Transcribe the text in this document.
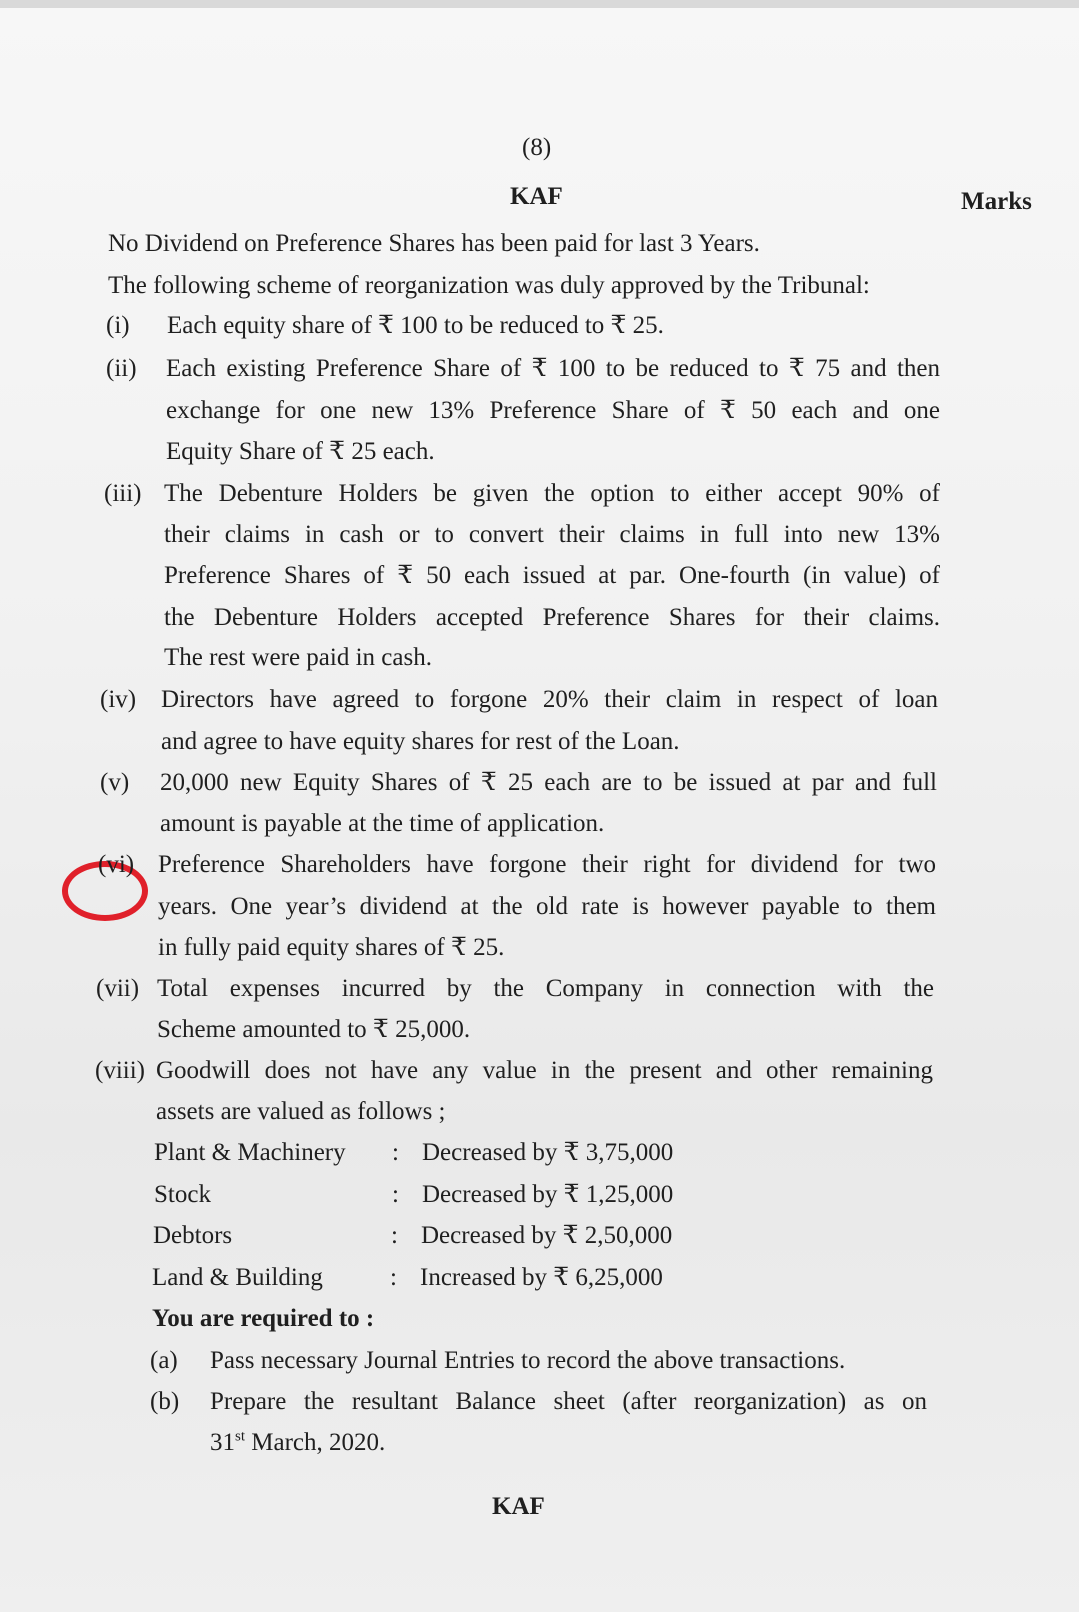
(8)
KAF	Marks
No Dividend on Preference Shares has been paid for last 3 Years.
The following scheme of reorganization was duly approved by the Tribunal:
(i) Each equity share of ₹ 100 to be reduced to ₹ 25.
(ii) Each existing Preference Share of ₹ 100 to be reduced to ₹ 75 and then
exchange for one new 13% Preference Share of ₹ 50 each and one
Equity Share of ₹ 25 each.
(iii) The Debenture Holders be given the option to either accept 90% of
their claims in cash or to convert their claims in full into new 13%
Preference Shares of ₹ 50 each issued at par. One-fourth (in value) of
the Debenture Holders accepted Preference Shares for their claims.
The rest were paid in cash.
(iv) Directors have agreed to forgone 20% their claim in respect of loan
and agree to have equity shares for rest of the Loan.
(v) 20,000 new Equity Shares of ₹ 25 each are to be issued at par and full
amount is payable at the time of application.
(vi) Preference Shareholders have forgone their right for dividend for two
years. One year’s dividend at the old rate is however payable to them
in fully paid equity shares of ₹ 25.
(vii) Total expenses incurred by the Company in connection with the
Scheme amounted to ₹ 25,000.
(viii) Goodwill does not have any value in the present and other remaining
assets are valued as follows ;
Plant & Machinery : Decreased by ₹ 3,75,000
Stock	: Decreased by ₹ 1,25,000
Debtors	: Decreased by ₹ 2,50,000
Land & Building	: Increased by ₹ 6,25,000
You are required to :
(a) Pass necessary Journal Entries to record the above transactions.
(b) Prepare the resultant Balance sheet (after reorganization) as on
31st March, 2020.
KAF
